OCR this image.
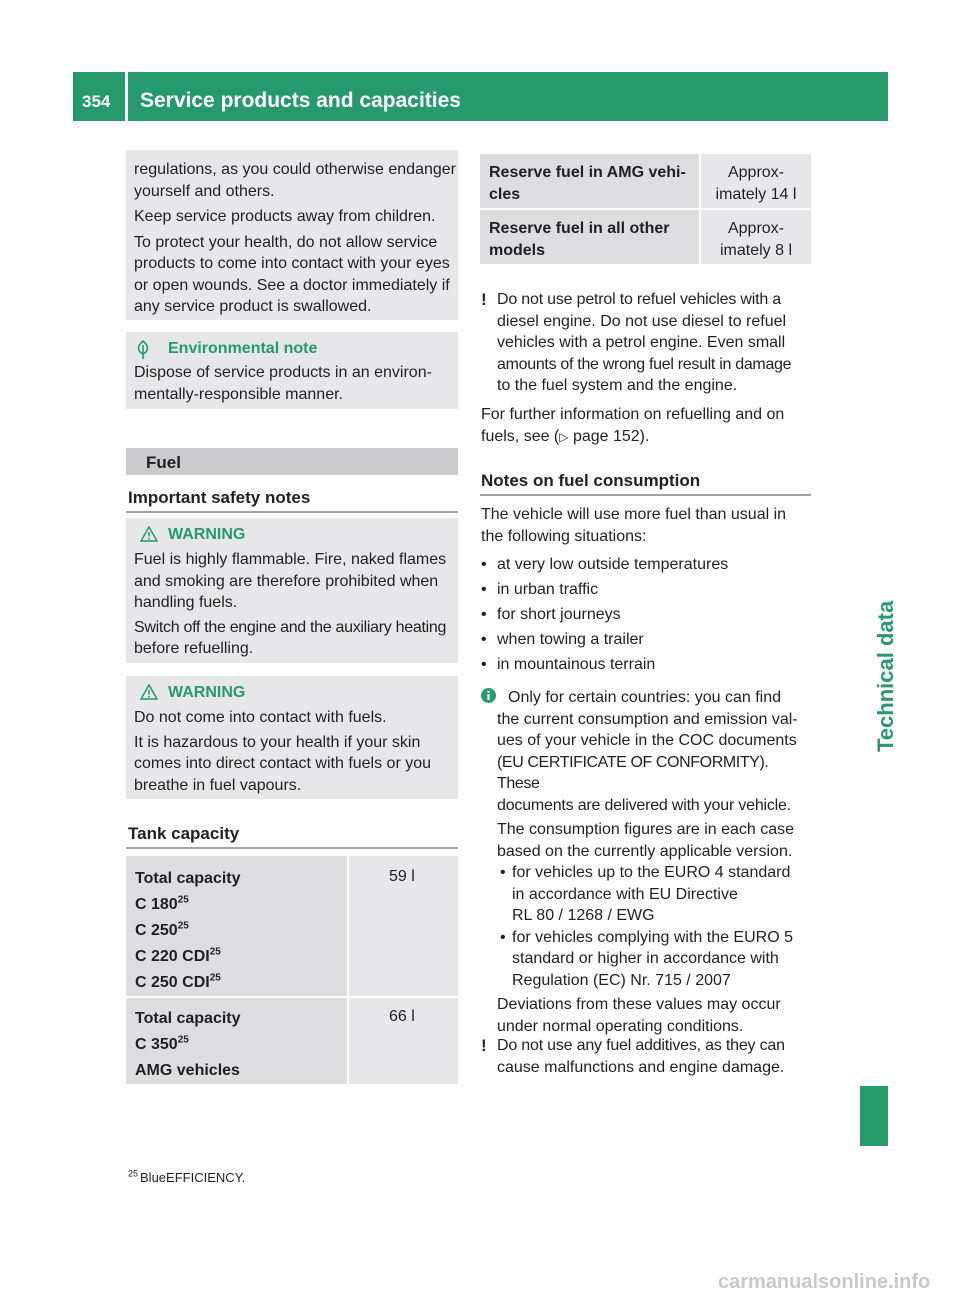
354 Service products and capacities
Technical data
regulations, as you could otherwise endanger
yourself and others.
Keep service products away from children.
To protect your health, do not allow service
products to come into contact with your eyes
or open wounds. See a doctor immediately if
any service product is swallowed.
Environmental note
Dispose of service products in an environ-
mentally-responsible manner.
Fuel
Important safety notes
WARNING
Fuel is highly flammable. Fire, naked flames
and smoking are therefore prohibited when
handling fuels.
Switch off the engine and the auxiliary heating
before refuelling.
WARNING
Do not come into contact with fuels.
It is hazardous to your health if your skin
comes into direct contact with fuels or you
breathe in fuel vapours.
Tank capacity
Total capacity
C $180^{25}$
C $250^{25}$
C 220 CDI$^{25}$
C 250 CDI$^{25}$
59 l
Total capacity
C $350^{25}$
AMG vehicles
66 l
$^{25}$ BlueEFFICIENCY.
Reserve fuel in AMG vehi-
cles
Approx-
imately 14 l
Reserve fuel in all other
models
Approx-
imately 8 l
! Do not use petrol to refuel vehicles with a
diesel engine. Do not use diesel to refuel
vehicles with a petrol engine. Even small
amounts of the wrong fuel result in damage
to the fuel system and the engine.
For further information on refuelling and on
fuels, see (▷ page 152).
Notes on fuel consumption
The vehicle will use more fuel than usual in
the following situations:
• at very low outside temperatures
• in urban traffic
• for short journeys
• when towing a trailer
• in mountainous terrain
Only for certain countries: you can find
the current consumption and emission val-
ues of your vehicle in the COC documents
(EU CERTIFICATE OF CONFORMITY). These
documents are delivered with your vehicle.
The consumption figures are in each case
based on the currently applicable version.
• for vehicles up to the EURO 4 standard
in accordance with EU Directive
RL 80 / 1268 / EWG
• for vehicles complying with the EURO 5
standard or higher in accordance with
Regulation (EC) Nr. 715 / 2007
Deviations from these values may occur
under normal operating conditions.
! Do not use any fuel additives, as they can
cause malfunctions and engine damage.
carmanualsonline.info
